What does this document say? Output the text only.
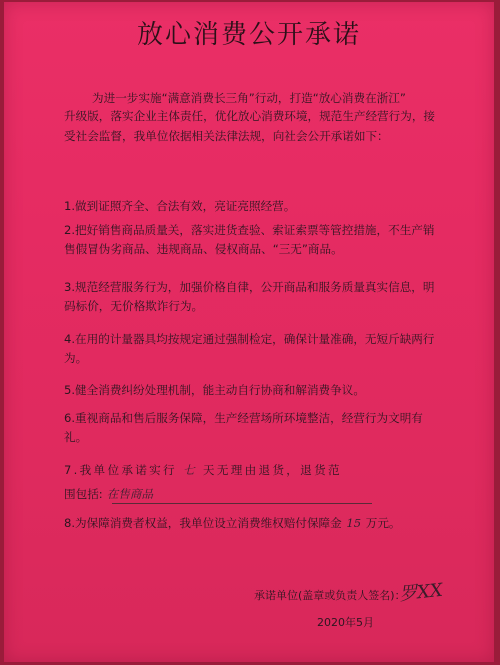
放心消费公开承诺
为进一步实施“满意消费长三角”行动，打造“放心消费在浙江”
升级版，落实企业主体责任，优化放心消费环境，规范生产经营行为，接受社会监督，我单位依据相关法律法规，向社会公开承诺如下：
1.做到证照齐全、合法有效，亮证亮照经营。
2.把好销售商品质量关，落实进货查验、索证索票等管控措施，不生产销售假冒伪劣商品、违规商品、侵权商品、“三无”商品。
3.规范经营服务行为，加强价格自律，公开商品和服务质量真实信息，明码标价，无价格欺诈行为。
4.在用的计量器具均按规定通过强制检定，确保计量准确，无短斤缺两行为。
5.健全消费纠纷处理机制，能主动自行协商和解消费争议。
6.重视商品和售后服务保障，生产经营场所环境整洁，经营行为文明有礼。
7.我单位承诺实行 七 天无理由退货，退货范
围包括: 在售商品
8.为保障消费者权益，我单位设立消费维权赔付保障金 15 万元。
承诺单位(盖章或负责人签名)：
罗XX
2020年5月
